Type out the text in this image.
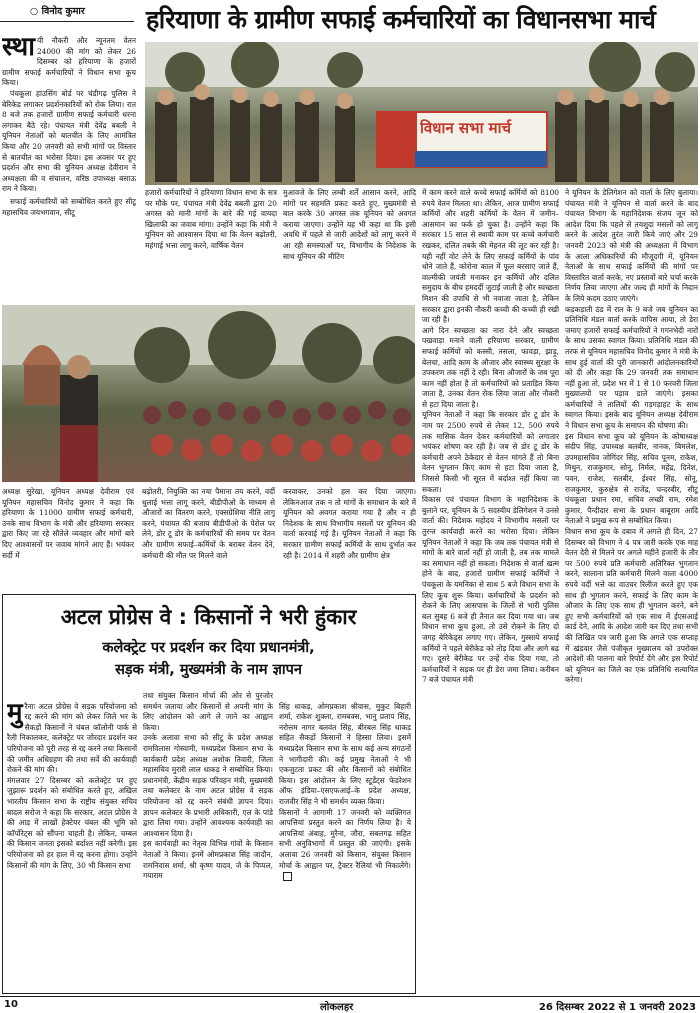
○ विनोद कुमार	हरियाणा के ग्रामीण सफाई कर्मचारियों का विधानसभा मार्च
स्था यी नौकरी और न्यूनतम वेतन 24000 की मांग को लेकर 26 दिसम्बर को हरियाणा के हजारों ग्रामीण सफाई कर्मचारियों ने विधान सभा कूच किया।

पंचकूला हाउसिंग बोर्ड पर चंडीगढ़ पुलिस ने बेरिकेड लगाकर प्रदर्शनकारियों को रोक लिया। रात 8 बजे तक हजारों ग्रामीण सफाई कर्मचारी धरना लगाकर बैठे रहे। पंचायत मंत्री देवेंद्र बबली ने यूनियन नेताओं को बातचीत के लिए आमंत्रित किया और 20 जनवरी को सभी मांगों पर विस्तार से बातचीत का भरोसा दिया। इस अवसर पर हुए प्रदर्शन और सभा की यूनियन अध्यक्ष देवीराम ने अध्यक्षता की व संचालन, वरिष्ठ उपाध्यक्ष बसाऊ राम ने किया।

सफाई कर्मचारियों को सम्बोधित करते हुए सीटू महासचिव जयभगवान, सीटू

विधान सभा मार्च
हजारों कर्मचारियों ने हरियाणा विधान सभा के सत्र पर मौके पर, पंचायत मंत्री देवेंद्र बबली द्वारा 20 अगस्त को मानी मांगों के बारे की गई वायदा खिलाफी का जवाब मांगा। उन्होंने कहा कि मंत्री ने यूनियन को आश्वासन दिया था कि वेतन बढ़ोतरी, महंगाई भत्ता लागू करने, वार्षिक वेतन
मुआवजे के लिए लम्बी शर्तें आसान करने, आदि मांगों पर सहमति प्रकट करते हुए, मुख्यमंत्री से बात करके 30 अगस्त तक यूनियन को अवगत कराया जाएगा। उन्होंने यह भी कहा था कि इसी अवधि में पहले से जारी आदेशों को लागू करने में आ रही समस्याओं पर, विभागीय के निदेशक के साथ यूनियन की मीटिंग
में काम करने वाले कच्चे सफाई कर्मियों को 8100 रुपये वेतन मिलता था। लेकिन, आज ग्रामीण सफाई कर्मियों और शहरी कर्मियों के वेतन में जमीन–आसमान का फर्क हो चुका है। उन्होंने कहा कि सरकार 15 साल से स्थायी काम पर कच्चे कर्मचारी रखकर, दलित तबके की मेहनत की लूट कर रही है। यही नहीं वोट लेने के लिए सफाई कर्मियों के पांव धोने जाते हैं, कोरोना काल में फूल बरसाए जाते हैं, वाल्मीकी जयंती मनाकर इन कर्मियों और दलित समुदाय के बीच हमदर्दी जुटाई जाती है और स्वच्छता मिशन की उपाधि से भी नवाजा जाता है, लेकिन सरकार द्वारा इनकी नौकरी कच्ची की कच्ची ही रखी जा रही है।
आगे दिन स्वच्छता का नारा देने और स्वच्छता पखवाड़ा मनाने वाली हरियाणा सरकार, ग्रामीण सफाई कर्मियों को कस्सी, तसला, फावड़ा, झाड़ू, बेलचा, आदि काम के औजार और स्वास्थ्य सुरक्षा के उपकरण तक नहीं दे रही। बिना औजारों के जब पूरा काम नहीं होता है तो कर्मचारियों को प्रताड़ित किया जाता है, उनका वेतन रोक लिया जाता और नौकरी से हटा दिया जाता है।
यूनियन नेताओं ने कहा कि सरकार डोर टू डोर के नाम पर 2500 रुपये से लेकर 12, 500 रुपये तक मासिक वेतन देकर कर्मचारियों को लगातार भयंकर शोषण कर रही है। जब से डोर टू डोर के कर्मचारी अपने ठेकेदार से वेतन मांगते हैं तो बिना वेतन भुगतान किए काम से हटा दिया जाता है, जिससे किसी भी सूरत में बर्दाश्त नहीं किया जा सकता।
विकास एवं पंचायत विभाग के महानिदेशक के बुलाने पर, यूनियन के 5 सदस्यीय डेलिगेशन ने उनसे वार्ता की। निदेशक महोदय ने विभागीय मसलों पर तुरन्त कार्यवाही करने का भरोसा दिया। लेकिन यूनियन नेताओं ने कहा कि जब तक पंचायत मंत्री से मांगों के बारे वार्ता नहीं हो जाती है, तब तक मामले का समाधान नहीं हो सकता। निदेशक से वार्ता खत्म होने के बाद, हजारों ग्रामीण सफाई कर्मियों ने पंचकूला के यमनिका से साथ 5 बजे विधान सभा के लिए कूच शुरू किया। कर्मचारियों के प्रदर्शन को रोकने के लिए आसपास के जिलों से भारी पुलिस बल सुबह 6 बजे ही तैनात कर दिया गया था। जब विधान सभा कूच हुआ, तो उसे रोकने के लिए दो जगह बेरिकेड्स लगाए गए। लेकिन, गुस्साये सफाई कर्मियों ने पहले बेरीकेड को तोड़ दिया और आगे बढ़ गए। दूसरे बेरीकेड पर उन्हें रोक दिया गया, तो कर्मचारियों ने सड़क पर ही डेरा जमा लिया। करीबन 7 बजे पंचायत मंत्री
ने यूनियन के डेलिगेशन को वार्ता के लिए बुलाया। पंचायत मंत्री ने यूनियन से वार्ता करने के बाद पंचायत विभाग के महानिदेशक संजय जून को आदेश दिया कि पहले से तयशुदा मसलों को लागू करने के आदेश तुरंत जारी किये जाएं और 29 जनवरी 2023 को मंत्री की अध्यक्षता में विभाग के आला अधिकारियों की मौजूदगी में, यूनियन नेताओं के साथ सफाई कर्मियों की मांगों पर विस्तारित वार्ता करके, नए प्रस्तावों बारे चर्चा करके निर्णय लिया जाएगा और जल्द ही मांगों के निदान के लिये कदम उठाए जाएंगे।
कड़कड़ाती ठंड में रात के 9 बजे जब यूनियन का प्रतिनिधि मंडल वार्ता करके वापिस आया, तो डेरा जमाए हजारों सफाई कर्मचारियों ने गगनभेदी नारों के साथ उसका स्वागत किया। प्रतिनिधि मंडल की तरफ से यूनियन महासचिव विनोद कुमार ने मंत्री के साथ हुई वार्ता की पूरी जानकारी आंदोलनकारियों को दी और कहा कि 29 जनवरी तक समाधान नहीं हुआ तो, प्रदेश भर में 1 से 10 फरवरी जिला मुख्यालयों पर पड़ाव डाले जाएंगे। इसका कर्मचारियों ने तालियों की गड़गड़ाहट के साथ स्वागत किया। इसके बाद यूनियन अध्यक्ष देवीराम ने विधान सभा कूच के समापन की घोषणा की।
इस विधान सभा कूच को यूनियन के कोषाध्यक्ष संदीप सिंह, उपाध्यक्ष बलबीर, नानक, बिमलेश, उपमहासचिव जोगिंदर सिंह, सचिव पूनम, राकेश, मिथुन, राजकुमार, सोनू, निर्मल, महेंद्र, दिनेश, पवन, राजेश, सतबीर, ईश्वर सिंह, सोनू, राजकुमार, कुरुक्षेत्र से राजेंद्र, चन्दरबीर, सीटू पंचकूला प्रधान रमा, सचिव लच्छी राम, रमेश कुमार, पैन्दीदार सभा के प्रधान बाबूराम आदि नेताओं ने प्रमुख रूप से सम्बोधित किया।
विधान सभा कूच के दबाव में अगले ही दिन, 27 दिसम्बर को विभाग ने 4 पत्र जारी करके एक माह वेतन देरी से मिलने पर अगले महीने हजारी के तौर पर 500 रुपये प्रति कर्मचारी अतिरिक्त भुगतान करने, सालाना प्रति कर्मचारी मिलने वाला 4000 रुपये वर्दी भत्ते का वाउचर रिलीज करते हुए एक साथ ही भुगतान करने, सफाई के लिए काम के औजार के लिए एक साथ ही भुगतान करने, बने हुए सभी कर्मचारियों को एक साथ में ईएसआई कार्ड देने, आदि के आदेश जारी कर दिए तथा सभी की लिखित पत्र जारी हुआ कि अगले एक सप्ताह में खंडवार जैसे पंजीकृत मुख्यालय को उपरोक्त आदेशों की पालना बारे रिपोर्ट देंगे और इस रिपोर्ट को यूनियन का जिले का एक प्रतिनिधि सत्यापित करेगा।
अध्यक्ष सुरेखा, यूनियन अध्यक्ष देवीराम एवं यूनियन महासचिव विनोद कुमार ने कहा कि हरियाणा के 11000 ग्रामीण सफाई कर्मचारी, उनके साथ विभाग के मंत्री और हरियाणा सरकार द्वारा किए जा रहे सौतेले व्यवहार और मांगों बारे दिए आश्वासनों पर जवाब मांगने आए हैं। भयंकर सर्दी में
बढ़ोतरी, नियुक्ति का नया पैमाना तय करने, वर्दी धुलाई भत्ता लागू करने, बीडीपीओ के माध्यम से औजारों का वितरण करने, एक्सग्रेशिया नीति लागू करने, पंचायत की बजाय बीडीपीओ के पेरोल पर लेने, डोर टू डोर के कर्मचारियों की समय पर वेतन और ग्रामीण सफाई–कर्मियों के बराबर वेतन देने, कर्मचारी की मौत पर मिलने वाले
करवाकर, उनको हल कर दिया जाएगा। लेकिनआज तक न तो मांगों के समाधान के बारे में यूनियन को अवगत कराया गया है और न ही निदेशक के साथ विभागीय मसलों पर यूनियन की वार्ता करवाई गई है। यूनियन नेताओं ने कहा कि सरकार ग्रामीण सफाई कर्मियों के साथ दुर्भात कर रही है। 2014 में शहरी और ग्रामीण क्षेत्र
अटल प्रोग्रेस वे : किसानों ने भरी हुंकार
कलेक्ट्रेट पर प्रदर्शन कर दिया प्रधानमंत्री,
सड़क मंत्री, मुख्यमंत्री के नाम ज्ञापन

मुरैनाः अटल प्रोग्रेस वे सड़क परियोजना को रद्द करने की मांग को लेकर जिले भर के सैकड़ों किसानों ने चंबल कॉलोनी पार्क से रैली निकालकर, कलेक्ट्रेट पर जोरदार प्रदर्शन कर परियोजना को पूरी तरह से रद्द करने तथा किसानों की जमीन अधिग्रहण की तथा सर्वे की कार्यवाही रोकने की मांग की।
मंगलवार 27 दिसम्बर को कलेक्ट्रेट पर हुए जुझारू प्रदर्शन को संबोधित करते हुए, अखिल भारतीय किसान सभा के राष्ट्रीय संयुक्त सचिव बादल सरोज ने कहा कि सरकार, अटल प्रोग्रेस वे की आड़ में लाखों हेक्टेयर चंबल की भूमि को कॉर्पोरेट्स को सौंपना चाहती है। लेकिन, चम्बल की किसान जनता इसको बर्दाश्त नहीं करेगी। इस परियोजना को हर हाल में रद्द करना होगा। उन्होंने किसानों की मांग के लिए, 30 भी किसान सभा

तथा संयुक्त किसान मोर्चा की ओर से पुरजोर समर्थन जताया और किसानों से अपनी मांग के लिए आंदोलन को आगे ले जाने का आह्वान किया।
उनके अलावा सभा को सीटू के प्रदेश अध्यक्ष रामविलास गोस्वामी, मध्यप्रदेश किसान सभा के कार्यकारी प्रदेश अध्यक्ष अशोक तिवारी, जिला महासचिव मुरारी लाल धाकड़ ने सम्बोधित किया। प्रधानमंत्री, केंद्रीय सड़क परिवहन मंत्री, मुख्यमंत्री तथा कलेक्टर के नाम अटल प्रोग्रेस वे सड़क परियोजना को रद्द करने संबंधी ज्ञापन दिया। ज्ञापन कलेक्टर के प्रभारी अधिकारी, एल के पांडे द्वारा लिया गया। उन्होंने आवश्यक कार्यवाही का आश्वासन दिया है।
इस कार्यवाही का नेतृत्व विभिन्न गांवों के किसान नेताओं ने किया। इनमें ओमप्रकाश सिंह जादौन, रामनिवास शर्मा, श्री कृष्ण यादव, जे के पिप्पल, गयाराम

सिंह धाकड़, ओमप्रकाश श्रीवास, मुकुट बिहारी शर्मा, राकेश शुक्ला, रामबक्स, भानु प्रताप सिंह, नरोत्तम नागर बलवंत सिंह, बीरबल सिंह धाकड़ सहित सैकड़ों किसानों ने हिस्सा लिया। इसमें मध्यप्रदेश किसान सभा के साथ कई अन्य संगठनों ने भागीदारी की। कई प्रमुख नेताओं ने भी एकजुटता प्रकट की और किसानों को संबोधित किया। इस आंदोलन के लिए स्टूडेंट्स फेडरेशन ऑफ इंडिया–एसएफआई–के प्रदेश अध्यक्ष, राजवीर सिंह ने भी समर्थन व्यक्त किया।
किसानों ने आगामी 17 जनवरी को व्यक्तिगत आपत्तियां प्रस्तुत करने का निर्णय लिया है। ये आपत्तियां अंबाह, मुरैना, जौरा, सबलगढ़ सहित सभी अनुविभागों में प्रस्तुत की जाएंगी। इसके अलावा 26 जनवरी को किसान, संयुक्त किसान मोर्चा के आह्वान पर, ट्रैक्टर रैलियां भी निकालेंगे।

10	लोकलहर	26 दिसम्बर 2022 से 1 जनवरी 2023
